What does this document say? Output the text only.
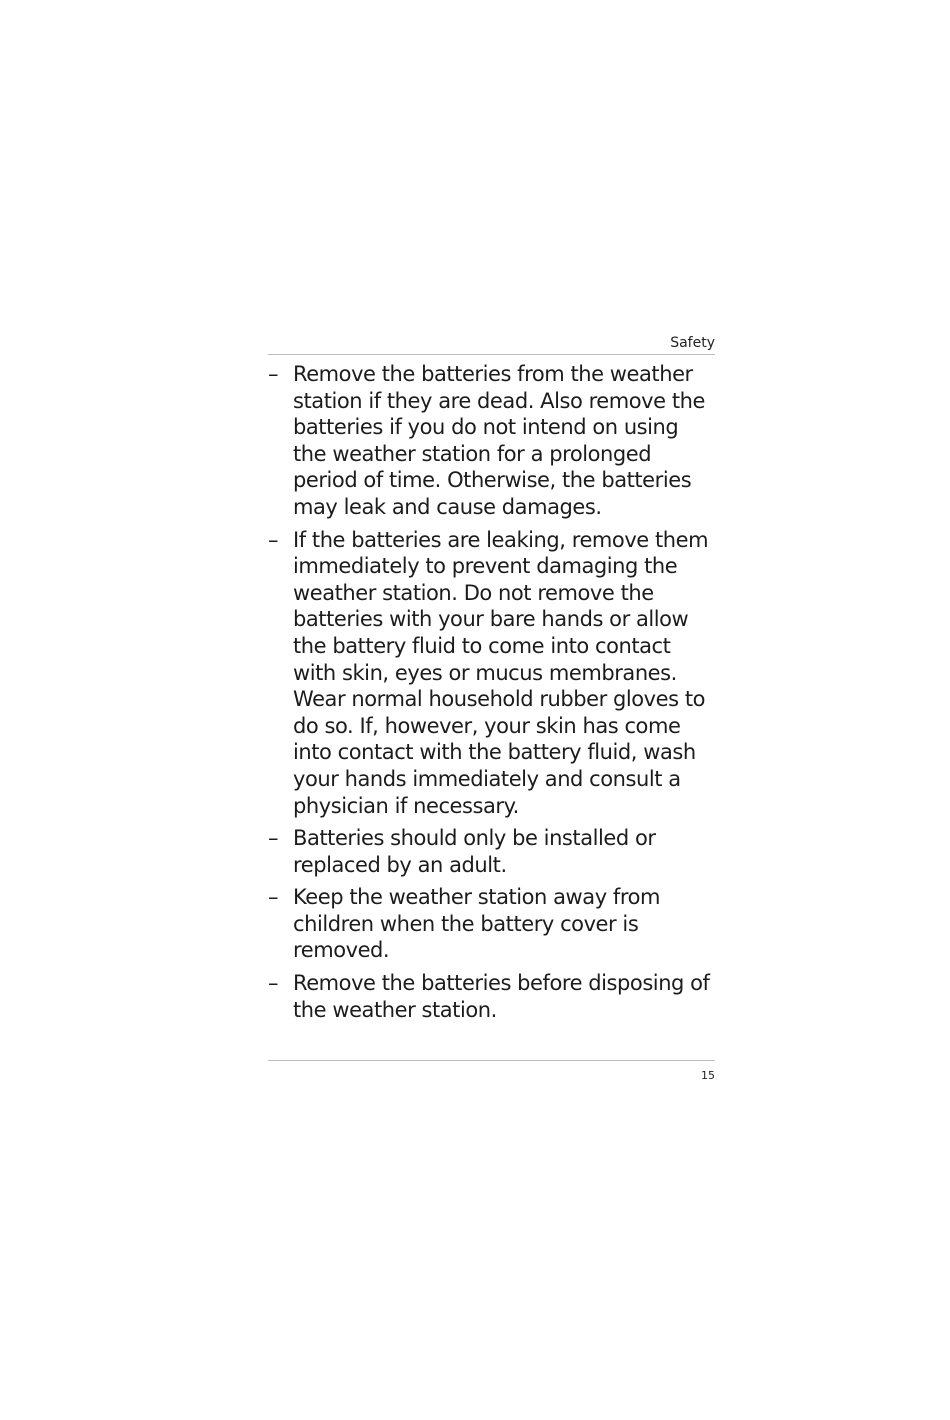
Safety
– Remove the batteries from the weather station if they are dead. Also remove the batteries if you do not intend on using the weather station for a prolonged period of time. Otherwise, the batteries may leak and cause damages.
– If the batteries are leaking, remove them immediately to prevent damaging the weather station. Do not remove the batteries with your bare hands or allow the battery fluid to come into contact with skin, eyes or mucus membranes. Wear normal household rubber gloves to do so. If, however, your skin has come into contact with the battery fluid, wash your hands immediately and consult a physician if necessary.
– Batteries should only be installed or replaced by an adult.
– Keep the weather station away from children when the battery cover is removed.
– Remove the batteries before disposing of the weather station.
15
